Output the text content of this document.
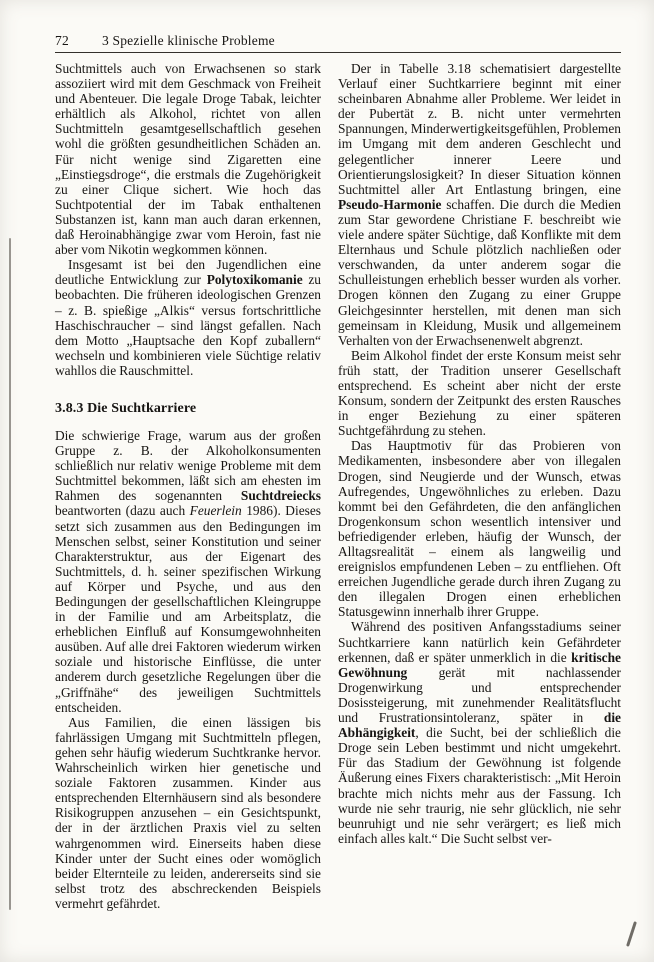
72 3 Spezielle klinische Probleme

Suchtmittels auch von Erwachsenen so stark assoziiert wird mit dem Geschmack von Freiheit und Abenteuer. Die legale Droge Tabak, leichter erhältlich als Alkohol, richtet von allen Suchtmitteln gesamtgesellschaftlich gesehen wohl die größten gesundheitlichen Schäden an. Für nicht wenige sind Zigaretten eine „Einstiegsdroge“, die erstmals die Zugehörigkeit zu einer Clique sichert. Wie hoch das Suchtpotential der im Tabak enthaltenen Substanzen ist, kann man auch daran erkennen, daß Heroinabhängige zwar vom Heroin, fast nie aber vom Nikotin wegkommen können.

Insgesamt ist bei den Jugendlichen eine deutliche Entwicklung zur Polytoxikomanie zu beobachten. Die früheren ideologischen Grenzen – z. B. spießige „Alkis“ versus fortschrittliche Haschischraucher – sind längst gefallen. Nach dem Motto „Hauptsache den Kopf zuballern“ wechseln und kombinieren viele Süchtige relativ wahllos die Rauschmittel.

3.8.3 Die Suchtkarriere

Die schwierige Frage, warum aus der großen Gruppe z. B. der Alkoholkonsumenten schließlich nur relativ wenige Probleme mit dem Suchtmittel bekommen, läßt sich am ehesten im Rahmen des sogenannten Suchtdreiecks beantworten (dazu auch Feuerlein 1986). Dieses setzt sich zusammen aus den Bedingungen im Menschen selbst, seiner Konstitution und seiner Charakterstruktur, aus der Eigenart des Suchtmittels, d. h. seiner spezifischen Wirkung auf Körper und Psyche, und aus den Bedingungen der gesellschaftlichen Kleingruppe in der Familie und am Arbeitsplatz, die erheblichen Einfluß auf Konsumgewohnheiten ausüben. Auf alle drei Faktoren wiederum wirken soziale und historische Einflüsse, die unter anderem durch gesetzliche Regelungen über die „Griffnähe“ des jeweiligen Suchtmittels entscheiden.

Aus Familien, die einen lässigen bis fahrlässigen Umgang mit Suchtmitteln pflegen, gehen sehr häufig wiederum Suchtkranke hervor. Wahrscheinlich wirken hier genetische und soziale Faktoren zusammen. Kinder aus entsprechenden Elternhäusern sind als besondere Risikogruppen anzusehen – ein Gesichtspunkt, der in der ärztlichen Praxis viel zu selten wahrgenommen wird. Einerseits haben diese Kinder unter der Sucht eines oder womöglich beider Elternteile zu leiden, andererseits sind sie selbst trotz des abschreckenden Beispiels vermehrt gefährdet.

Der in Tabelle 3.18 schematisiert dargestellte Verlauf einer Suchtkarriere beginnt mit einer scheinbaren Abnahme aller Probleme. Wer leidet in der Pubertät z. B. nicht unter vermehrten Spannungen, Minderwertigkeitsgefühlen, Problemen im Umgang mit dem anderen Geschlecht und gelegentlicher innerer Leere und Orientierungslosigkeit? In dieser Situation können Suchtmittel aller Art Entlastung bringen, eine Pseudo-Harmonie schaffen. Die durch die Medien zum Star gewordene Christiane F. beschreibt wie viele andere später Süchtige, daß Konflikte mit dem Elternhaus und Schule plötzlich nachließen oder verschwanden, da unter anderem sogar die Schulleistungen erheblich besser wurden als vorher. Drogen können den Zugang zu einer Gruppe Gleichgesinnter herstellen, mit denen man sich gemeinsam in Kleidung, Musik und allgemeinem Verhalten von der Erwachsenenwelt abgrenzt.

Beim Alkohol findet der erste Konsum meist sehr früh statt, der Tradition unserer Gesellschaft entsprechend. Es scheint aber nicht der erste Konsum, sondern der Zeitpunkt des ersten Rausches in enger Beziehung zu einer späteren Suchtgefährdung zu stehen.

Das Hauptmotiv für das Probieren von Medikamenten, insbesondere aber von illegalen Drogen, sind Neugierde und der Wunsch, etwas Aufregendes, Ungewöhnliches zu erleben. Dazu kommt bei den Gefährdeten, die den anfänglichen Drogenkonsum schon wesentlich intensiver und befriedigender erleben, häufig der Wunsch, der Alltagsrealität – einem als langweilig und ereignislos empfundenen Leben – zu entfliehen. Oft erreichen Jugendliche gerade durch ihren Zugang zu den illegalen Drogen einen erheblichen Statusgewinn innerhalb ihrer Gruppe.

Während des positiven Anfangsstadiums seiner Suchtkarriere kann natürlich kein Gefährdeter erkennen, daß er später unmerklich in die kritische Gewöhnung gerät mit nachlassender Drogenwirkung und entsprechender Dosissteigerung, mit zunehmender Realitätsflucht und Frustrationsintoleranz, später in die Abhängigkeit, die Sucht, bei der schließlich die Droge sein Leben bestimmt und nicht umgekehrt. Für das Stadium der Gewöhnung ist folgende Äußerung eines Fixers charakteristisch: „Mit Heroin brachte mich nichts mehr aus der Fassung. Ich wurde nie sehr traurig, nie sehr glücklich, nie sehr beunruhigt und nie sehr verärgert; es ließ mich einfach alles kalt.“ Die Sucht selbst ver-
